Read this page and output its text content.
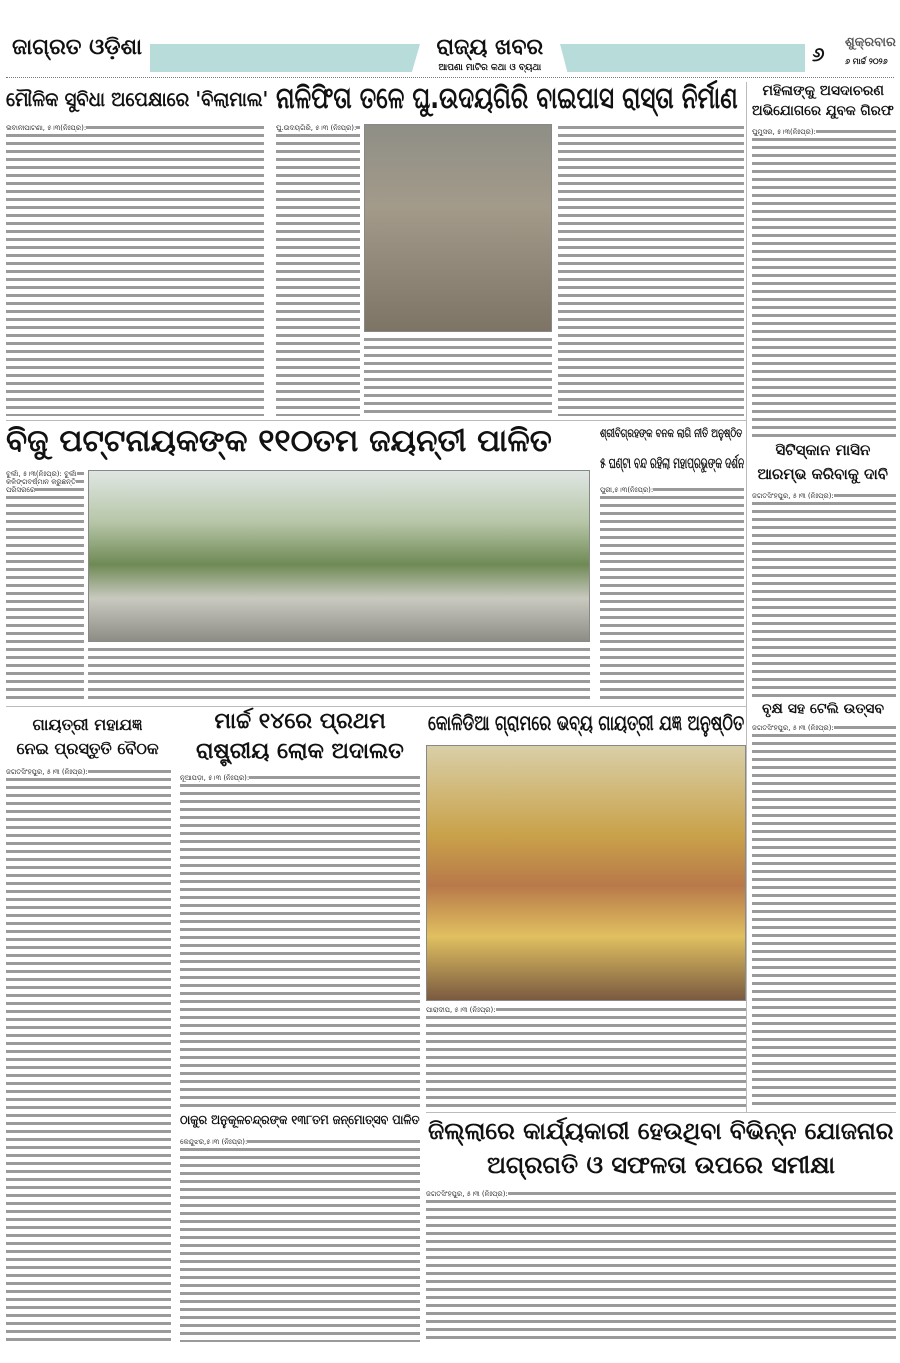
ଜାଗ୍ରତ ଓଡ଼ିଶା	ରାଜ୍ୟ ଖବର
ଆପଣା ମାଟିର କଥା ଓ ବ୍ୟଥା
୬ ଶୁକ୍ରବାର
୬ ମାର୍ଚ୍ଚ ୨୦୨୬
ମୌଳିକ ସୁବିଧା ଅପେକ୍ଷାରେ 'ବିଲାମାଲ'
ଭବାନୀପାଟଣା, ୫।୩(ନିଃପ୍ର):
ନାଳିଫିତା ତଳେ ଘୁ.ଉଦୟଗିରି ବାଇପାସ ରାସ୍ତା ନିର୍ମାଣ
ଘୁ.ଉଦୟଗିରି, ୫।୩ (ନିଃପ୍ର):
ମହିଳାଙ୍କୁ ଅସଦାଚରଣ
ଅଭିଯୋଗରେ ଯୁବକ ଗିରଫ
ଘୁମୁସର, ୫।୩(ନିଃପ୍ର):
ବିଜୁ ପଟ୍ଟନାୟକଙ୍କ ୧୧୦ତମ ଜୟନ୍ତୀ ପାଳିତ
ବୁର୍ଲା, ୫।୩(ନିଃପ୍ର): ବୁର୍ଲା କଳିଙ୍ଗବର୍ଷ୍ମାନ କରୁଛନ୍ତି ପରିସରରେ
ଶ୍ରୀବିଗ୍ରହଙ୍କ ବନକ ଲାଗି ନୀତି ଅନୁଷ୍ଠିତ
୫ ଘଣ୍ଟା ବନ୍ଦ ରହିଲା ମହାପ୍ରଭୁଙ୍କ ଦର୍ଶନ
ପୁରୀ,୫।୩(ନିଃପ୍ର):
ସିଟିସ୍କାନ ମାସିନ
ଆରମ୍ଭ କରିବାକୁ ଦାବି
ଜଗତସିଂହପୁର, ୫।୩ (ନିଃପ୍ର):
ବୃକ୍ଷ ସହ ଟେଲି ଉତ୍ସବ
ଜଗତସିଂହପୁର, ୫।୩ (ନିଃପ୍ର):
ଗାୟତ୍ରୀ ମହାଯଜ୍ଞ
ନେଇ ପ୍ରସ୍ତୁତି ବୈଠକ
ଜଗତସିଂହପୁର, ୫।୩ (ନିଃପ୍ର):
ମାର୍ଚ୍ଚ ୧୪ରେ ପ୍ରଥମ
ରାଷ୍ଟ୍ରୀୟ ଲୋକ ଅଦାଲତ
ନୂଆପଡ଼ା, ୫।୩ (ନିଃପ୍ର):
ଠାକୁର ଅନୁକୂଳଚନ୍ଦ୍ରଙ୍କ ୧୩୮ତମ ଜନ୍ମୋତ୍ସବ ପାଳିତ
କେନ୍ଦୁଝର,୫।୩ (ନିଃପ୍ର):
କୋଳିଡିଆ ଗ୍ରାମରେ ଭବ୍ୟ ଗାୟତ୍ରୀ ଯଜ୍ଞ ଅନୁଷ୍ଠିତ
ପାରାଦୀପ, ୫।୩ (ନିଃପ୍ର):
ଜିଲ୍ଲାରେ କାର୍ଯ୍ୟକାରୀ ହେଉଥିବା ବିଭିନ୍ନ ଯୋଜନାର
ଅଗ୍ରଗତି ଓ ସଫଳତା ଉପରେ ସମୀକ୍ଷା
ଜଗତସିଂହପୁର, ୫।୩ (ନିଃପ୍ର):
